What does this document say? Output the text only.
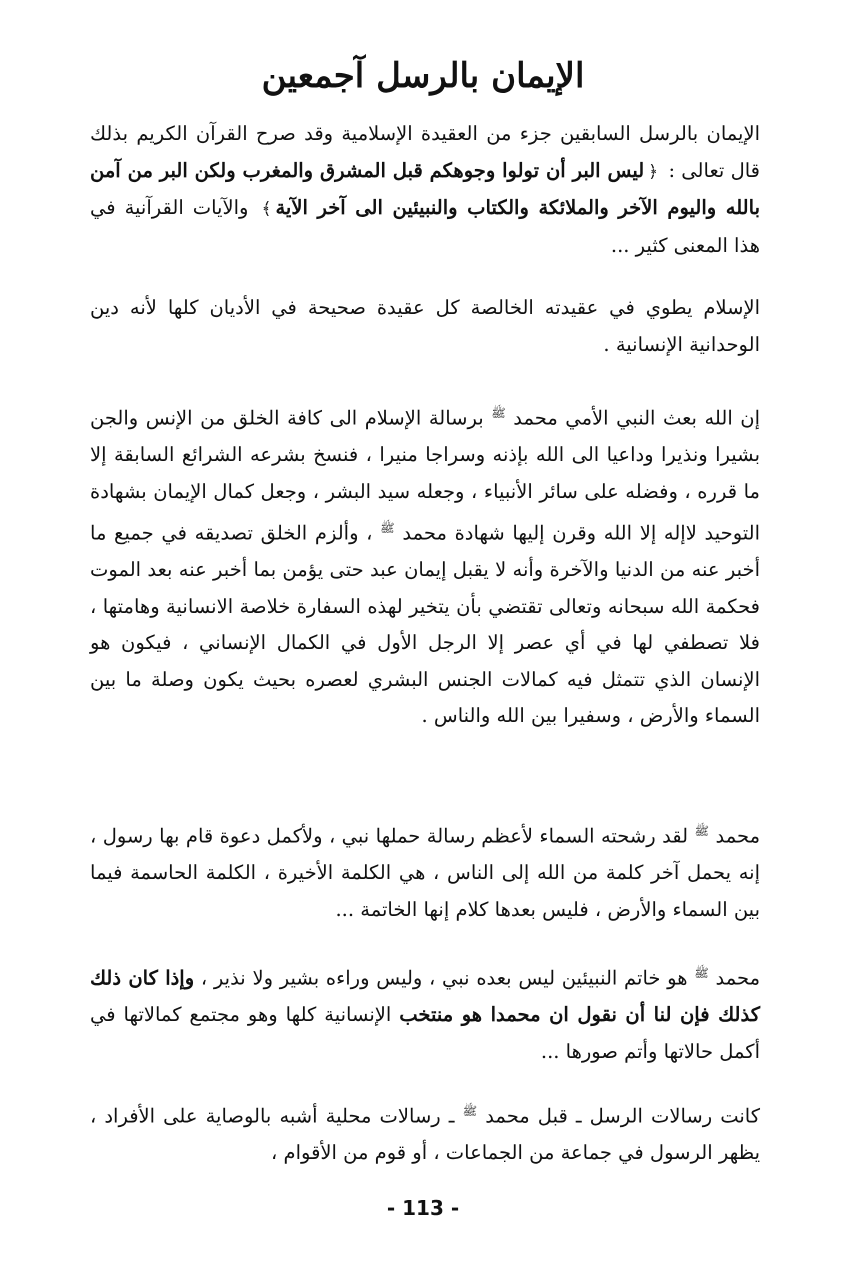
الإيمان بالرسل آجمعين
الإيمان بالرسل السابقين جزء من العقيدة الإسلامية وقد صرح القرآن الكريم بذلك قال تعالى : ﴿ليس البر أن تولوا وجوهكم قبل المشرق والمغرب ولكن البر من آمن بالله واليوم الآخر والملائكة والكتاب والنبيئين الى آخر الآية﴾ والآيات القرآنية في هذا المعنى كثير ...
الإسلام يطوي في عقيدته الخالصة كل عقيدة صحيحة في الأديان كلها لأنه دين الوحدانية الإنسانية .
إن الله بعث النبي الأمي محمد $^ﷺ$ برسالة الإسلام الى كافة الخلق من الإنس والجن بشيرا ونذيرا وداعيا الى الله بإذنه وسراجا منيرا ، فنسخ بشرعه الشرائع السابقة إلا ما قرره ، وفضله على سائر الأنبياء ، وجعله سيد البشر ، وجعل كمال الإيمان بشهادة التوحيد لاإله إلا الله وقرن إليها شهادة محمد $^ﷺ$ ، وألزم الخلق تصديقه في جميع ما أخبر عنه من الدنيا والآخرة وأنه لا يقبل إيمان عبد حتى يؤمن بما أخبر عنه بعد الموت فحكمة الله سبحانه وتعالى تقتضي بأن يتخير لهذه السفارة خلاصة الانسانية وهامتها ، فلا تصطفي لها في أي عصر إلا الرجل الأول في الكمال الإنساني ، فيكون هو الإنسان الذي تتمثل فيه كمالات الجنس البشري لعصره بحيث يكون وصلة ما بين السماء والأرض ، وسفيرا بين الله والناس .
محمد $^ﷺ$ لقد رشحته السماء لأعظم رسالة حملها نبي ، ولأكمل دعوة قام بها رسول ، إنه يحمل آخر كلمة من الله إلى الناس ، هي الكلمة الأخيرة ، الكلمة الحاسمة فيما بين السماء والأرض ، فليس بعدها كلام إنها الخاتمة ...
محمد $^ﷺ$ هو خاتم النبيئين ليس بعده نبي ، وليس وراءه بشير ولا نذير ، وإذا كان ذلك كذلك فإن لنا أن نقول ان محمدا هو منتخب الإنسانية كلها وهو مجتمع كمالاتها في أكمل حالاتها وأتم صورها ...
كانت رسالات الرسل ـ قبل محمد $^ﷺ$ ـ رسالات محلية أشبه بالوصاية على الأفراد ، يظهر الرسول في جماعة من الجماعات ، أو قوم من الأقوام ،
- 113 -
